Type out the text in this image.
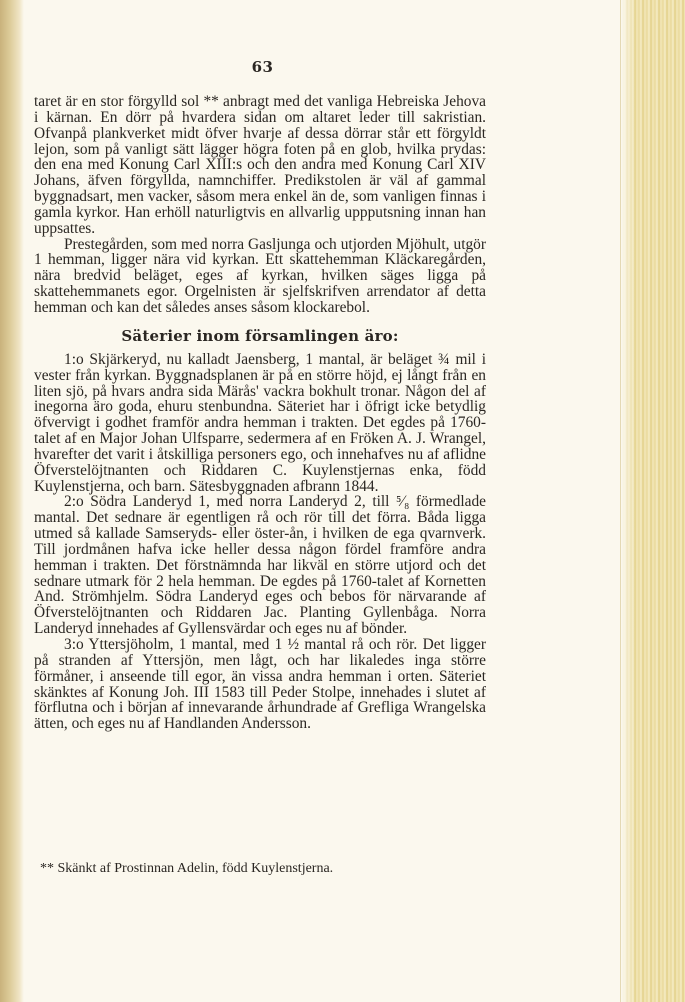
63

taret är en stor förgylld sol ** anbragt med det vanliga Hebreiska Jehova i kärnan. En dörr på hvardera sidan om altaret leder till sakristian. Ofvanpå plankverket midt öfver hvarje af dessa dörrar står ett förgyldt lejon, som på vanligt sätt lägger högra foten på en glob, hvilka prydas: den ena med Konung Carl XIII:s och den andra med Konung Carl XIV Johans, äfven förgyllda, namnchiffer. Predikstolen är väl af gammal byggnadsart, men vacker, såsom mera enkel än de, som vanligen finnas i gamla kyrkor. Han erhöll naturligtvis en allvarlig uppputsning innan han uppsattes.

Prestegården, som med norra Gasljunga och utjorden Mjöhult, utgör 1 hemman, ligger nära vid kyrkan. Ett skattehemman Kläckaregården, nära bredvid beläget, eges af kyrkan, hvilken säges ligga på skattehemmanets egor. Orgelnisten är sjelfskrifven arrendator af detta hemman och kan det således anses såsom klockarebol.

Säterier inom församlingen äro:

1:o Skjärkeryd, nu kalladt Jaensberg, 1 mantal, är beläget ¾ mil i vester från kyrkan. Byggnadsplanen är på en större höjd, ej långt från en liten sjö, på hvars andra sida Märås' vackra bokhult tronar. Någon del af inegorna äro goda, ehuru stenbundna. Säteriet har i öfrigt icke betydlig öfvervigt i godhet framför andra hemman i trakten. Det egdes på 1760-talet af en Major Johan Ulfsparre, sedermera af en Fröken A. J. Wrangel, hvarefter det varit i åtskilliga personers ego, och innehafves nu af aflidne Öfverstelöjtnanten och Riddaren C. Kuylenstjernas enka, född Kuylenstjerna, och barn. Sätesbyggnaden afbrann 1844.

2:o Södra Landeryd 1, med norra Landeryd 2, till ⁵⁄₈ förmedlade mantal. Det sednare är egentligen rå och rör till det förra. Båda ligga utmed så kallade Samseryds- eller öster-ån, i hvilken de ega qvarnverk. Till jordmånen hafva icke heller dessa någon fördel framföre andra hemman i trakten. Det förstnämnda har likväl en större utjord och det sednare utmark för 2 hela hemman. De egdes på 1760-talet af Kornetten And. Strömhjelm. Södra Landeryd eges och bebos för närvarande af Öfverstelöjtnanten och Riddaren Jac. Planting Gyllenbåga. Norra Landeryd innehades af Gyllensvärdar och eges nu af bönder.

3:o Yttersjöholm, 1 mantal, med 1 ½ mantal rå och rör. Det ligger på stranden af Yttersjön, men lågt, och har likaledes inga större förmåner, i anseende till egor, än vissa andra hemman i orten. Säteriet skänktes af Konung Joh. III 1583 till Peder Stolpe, innehades i slutet af förflutna och i början af innevarande århundrade af Grefliga Wrangelska ätten, och eges nu af Handlanden Andersson.

** Skänkt af Prostinnan Adelin, född Kuylenstjerna.
